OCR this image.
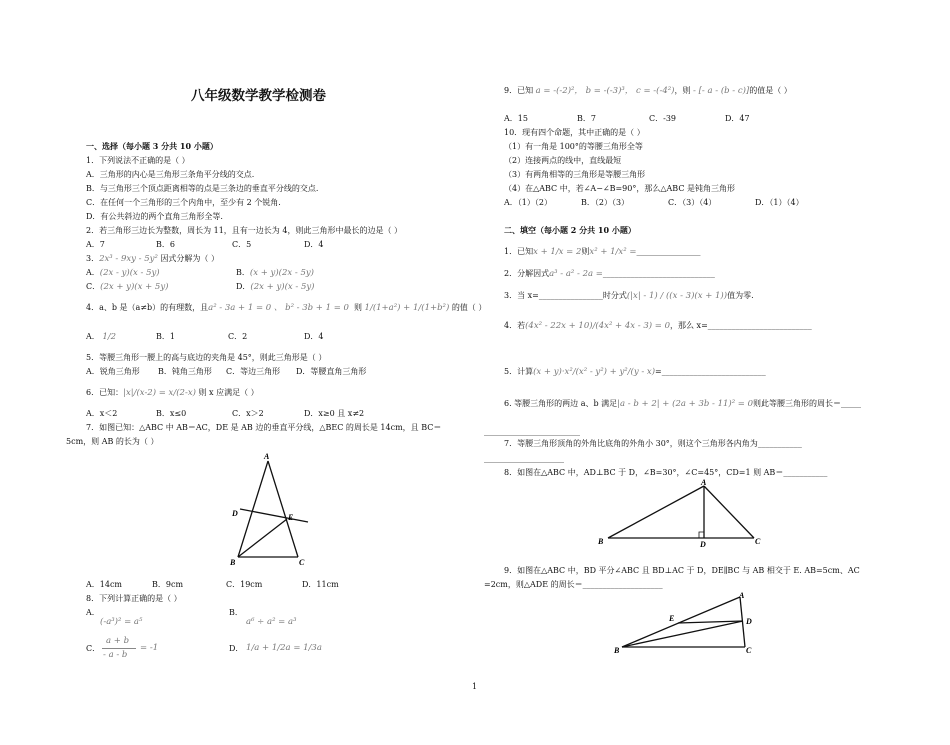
八年级数学教学检测卷
一、选择（每小题 3 分共 10 小题）
1．下列说法不正确的是（ ）
A．三角形的内心是三角形三条角平分线的交点.
B．与三角形三个顶点距离相等的点是三条边的垂直平分线的交点.
C．在任何一个三角形的三个内角中，至少有 2 个锐角.
D．有公共斜边的两个直角三角形全等.
2．若三角形三边长为整数，周长为 11，且有一边长为 4，则此三角形中最长的边是（ ）
A．7	B．6	C．5	D．4
3．2x³ - 9xy - 5y² 因式分解为（ ）
A．(2x - y)(x - 5y)	B．(x + y)(2x - 5y)
C．(2x + y)(x + 5y)	D．(2x + y)(x - 5y)
4．a、b 是（a≠b）的有理数，且a² - 3a + 1 = 0 、 b² - 3b + 1 = 0 则 1/(1+a²) + 1/(1+b²) 的值（ ）
A． 1/2	B．1	C．2	D．4
5．等腰三角形一腰上的高与底边的夹角是 45°，则此三角形是（ ）
A．锐角三角形 B．钝角三角形 C．等边三角形 D．等腰直角三角形
6．已知：|x|/(x-2) = x/(2-x) 则 x 应满足（ ）
A．x＜2	B．x≤0	C．x＞2	D．x≥0 且 x≠2
7．如图已知：△ABC 中 AB＝AC，DE 是 AB 边的垂直平分线，△BEC 的周长是 14cm，且 BC＝
5cm，则 AB 的长为（ ）
A
B	C
D	E
A．14cm	B．9cm	C．19cm	D．11cm
8．下列计算正确的是（ ）
A．
(-a³)² = a⁵
B．
a⁶ ÷ a² = a³
C．
a + b
- a - b
= -1	D． 1/a + 1/2a = 1/3a
9．已知 a = -(-2)²， b = -(-3)³， c = -(-4²)，则 - [- a - (b - c)]的值是（ ）
A．15	B．7	C．-39	D．47
10．现有四个命题，其中正确的是（ ）
（1）有一角是 100°的等腰三角形全等
（2）连接两点的线中，直线最短
（3）有两角相等的三角形是等腰三角形
（4）在△ABC 中，若∠A−∠B=90°，那么△ABC 是钝角三角形
A．（1）（2）	B．（2）（3）	C．（3）（4）	D．（1）（4）
二、填空（每小题 2 分共 10 小题）
1．已知x + 1/x = 2则x² + 1/x² =________________
2．分解因式a³ - a² - 2a =____________________________
3．当 x=________________时分式(|x| - 1) / ((x - 3)(x + 1))值为零.
4．若(4x² - 22x + 10)/(4x² + 4x - 3) = 0，那么 x=__________________________
5．计算(x + y)·x²/(x² - y²) + y²/(y - x)=__________________________
6. 等腰三角形的两边 a、b 满足|a - b + 2| + (2a + 3b - 11)² = 0则此等腰三角形的周长＝_____
________________________
7．等腰三角形顶角的外角比底角的外角小 30°，则这个三角形各内角为___________
____________________
8．如图在△ABC 中，AD⊥BC 于 D，∠B=30°，∠C=45°，CD=1 则 AB＝___________
A
B	C
D
9．如图在△ABC 中，BD 平分∠ABC 且 BD⊥AC 于 D，DE∥BC 与 AB 相交于 E. AB=5cm、AC
=2cm，则△ADE 的周长＝____________________
A
B	C
D
E
1
